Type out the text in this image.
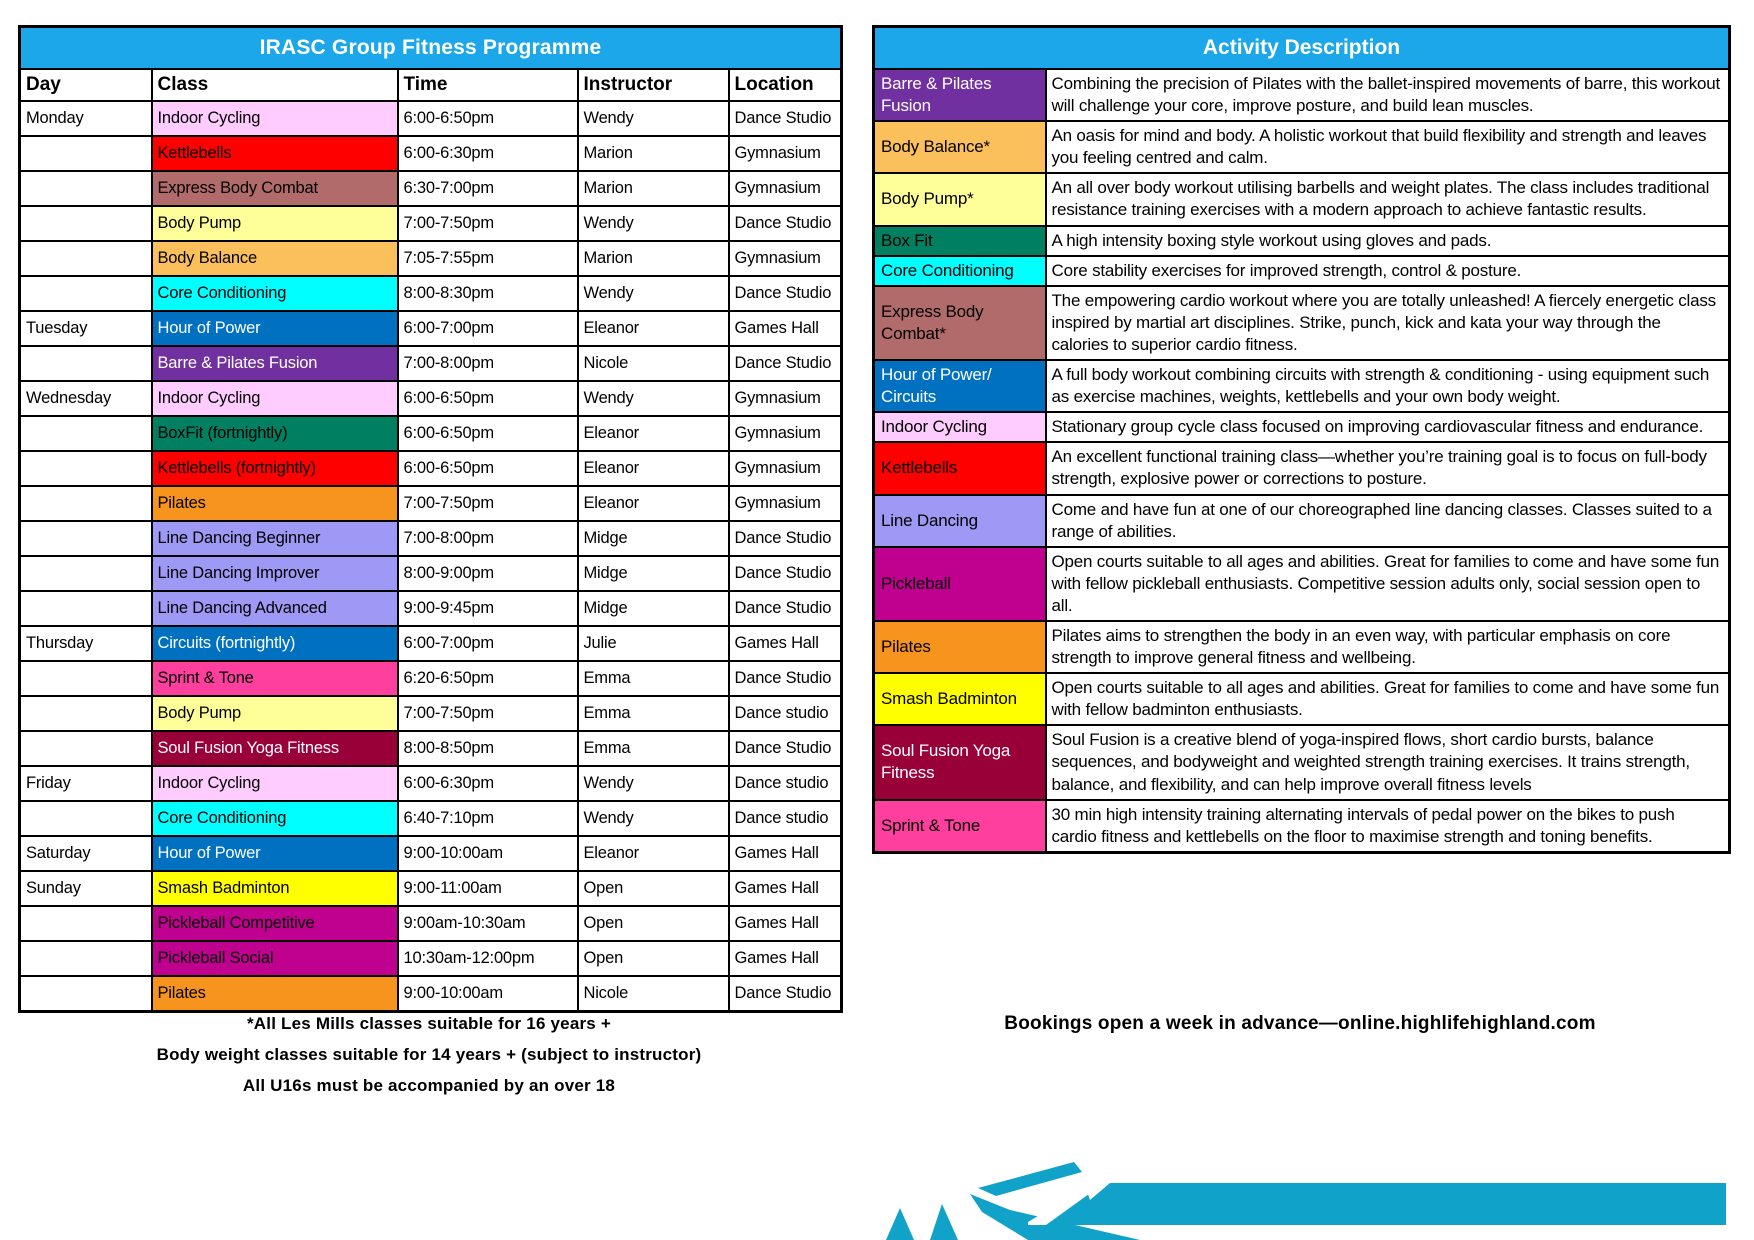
IRASC Group Fitness Programme				
Day	Class	Time	Instructor	Location
Monday	Indoor Cycling	6:00-6:50pm	Wendy	Dance Studio
	Kettlebells	6:00-6:30pm	Marion	Gymnasium
	Express Body Combat	6:30-7:00pm	Marion	Gymnasium
	Body Pump	7:00-7:50pm	Wendy	Dance Studio
	Body Balance	7:05-7:55pm	Marion	Gymnasium
	Core Conditioning	8:00-8:30pm	Wendy	Dance Studio
Tuesday	Hour of Power	6:00-7:00pm	Eleanor	Games Hall
	Barre & Pilates Fusion	7:00-8:00pm	Nicole	Dance Studio
Wednesday	Indoor Cycling	6:00-6:50pm	Wendy	Gymnasium
	BoxFit (fortnightly)	6:00-6:50pm	Eleanor	Gymnasium
	Kettlebells (fortnightly)	6:00-6:50pm	Eleanor	Gymnasium
	Pilates	7:00-7:50pm	Eleanor	Gymnasium
	Line Dancing Beginner	7:00-8:00pm	Midge	Dance Studio
	Line Dancing Improver	8:00-9:00pm	Midge	Dance Studio
	Line Dancing Advanced	9:00-9:45pm	Midge	Dance Studio
Thursday	Circuits (fortnightly)	6:00-7:00pm	Julie	Games Hall
	Sprint & Tone	6:20-6:50pm	Emma	Dance Studio
	Body Pump	7:00-7:50pm	Emma	Dance studio
	Soul Fusion Yoga Fitness	8:00-8:50pm	Emma	Dance Studio
Friday	Indoor Cycling	6:00-6:30pm	Wendy	Dance studio
	Core Conditioning	6:40-7:10pm	Wendy	Dance studio
Saturday	Hour of Power	9:00-10:00am	Eleanor	Games Hall
Sunday	Smash Badminton	9:00-11:00am	Open	Games Hall
	Pickleball Competitive	9:00am-10:30am	Open	Games Hall
	Pickleball Social	10:30am-12:00pm	Open	Games Hall
	Pilates	9:00-10:00am	Nicole	Dance Studio
*All Les Mills classes suitable for 16 years +
Body weight classes suitable for 14 years + (subject to instructor)
All U16s must be accompanied by an over 18
Activity Description	
Barre & Pilates Fusion	Combining the precision of Pilates with the ballet-inspired movements of barre, this workout will challenge your core, improve posture, and build lean muscles.
Body Balance*	An oasis for mind and body. A holistic workout that build flexibility and strength and leaves you feeling centred and calm.
Body Pump*	An all over body workout utilising barbells and weight plates. The class includes traditional resistance training exercises with a modern approach to achieve fantastic results.
Box Fit	A high intensity boxing style workout using gloves and pads.
Core Conditioning	Core stability exercises for improved strength, control & posture.
Express Body Combat*	The empowering cardio workout where you are totally unleashed! A fiercely energetic class inspired by martial art disciplines. Strike, punch, kick and kata your way through the calories to superior cardio fitness.
Hour of Power/ Circuits	A full body workout combining circuits with strength & conditioning - using equipment such as exercise machines, weights, kettlebells and your own body weight.
Indoor Cycling	Stationary group cycle class focused on improving cardiovascular fitness and endurance.
Kettlebells	An excellent functional training class—whether you’re training goal is to focus on full-body strength, explosive power or corrections to posture.
Line Dancing	Come and have fun at one of our choreographed line dancing classes. Classes suited to a range of abilities.
Pickleball	Open courts suitable to all ages and abilities. Great for families to come and have some fun with fellow pickleball enthusiasts. Competitive session adults only, social session open to all.
Pilates	Pilates aims to strengthen the body in an even way, with particular emphasis on core strength to improve general fitness and wellbeing.
Smash Badminton	Open courts suitable to all ages and abilities. Great for families to come and have some fun with fellow badminton enthusiasts.
Soul Fusion Yoga Fitness	Soul Fusion is a creative blend of yoga-inspired flows, short cardio bursts, balance sequences, and bodyweight and weighted strength training exercises. It trains strength, balance, and flexibility, and can help improve overall fitness levels
Sprint & Tone	30 min high intensity training alternating intervals of pedal power on the bikes to push cardio fitness and kettlebells on the floor to maximise strength and toning benefits.
Bookings open a week in advance—online.highlifehighland.com
